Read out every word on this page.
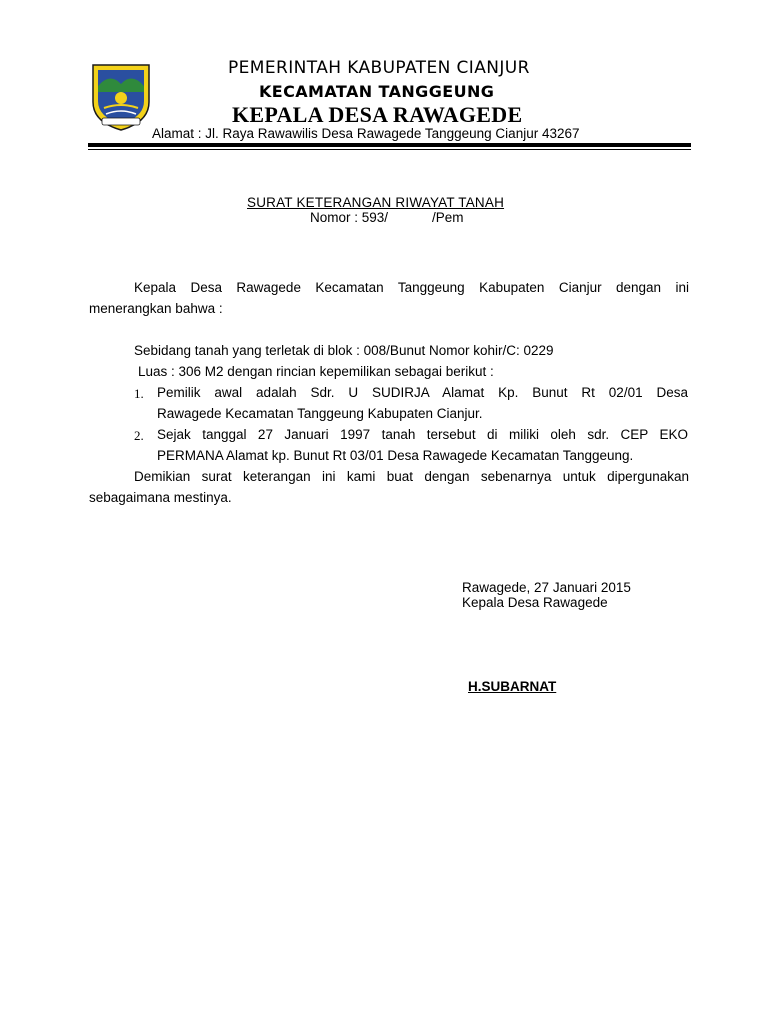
PEMERINTAH KABUPATEN CIANJUR
KECAMATAN TANGGEUNG
KEPALA DESA RAWAGEDE
Alamat : Jl. Raya Rawawilis Desa Rawagede Tanggeung Cianjur 43267
SURAT KETERANGAN RIWAYAT TANAH
Nomor : 593/	/Pem
Kepala Desa Rawagede Kecamatan Tanggeung Kabupaten Cianjur dengan ini
menerangkan bahwa :
Sebidang tanah yang terletak di blok : 008/Bunut Nomor kohir/C: 0229
Luas : 306 M2 dengan rincian kepemilikan sebagai berikut :
1. Pemilik awal adalah Sdr. U SUDIRJA Alamat Kp. Bunut Rt 02/01 Desa
Rawagede Kecamatan Tanggeung Kabupaten Cianjur.
2. Sejak tanggal 27 Januari 1997 tanah tersebut di miliki oleh sdr. CEP EKO
PERMANA Alamat kp. Bunut Rt 03/01 Desa Rawagede Kecamatan Tanggeung.
Demikian surat keterangan ini kami buat dengan sebenarnya untuk dipergunakan
sebagaimana mestinya.
Rawagede, 27 Januari 2015
Kepala Desa Rawagede
H.SUBARNAT
